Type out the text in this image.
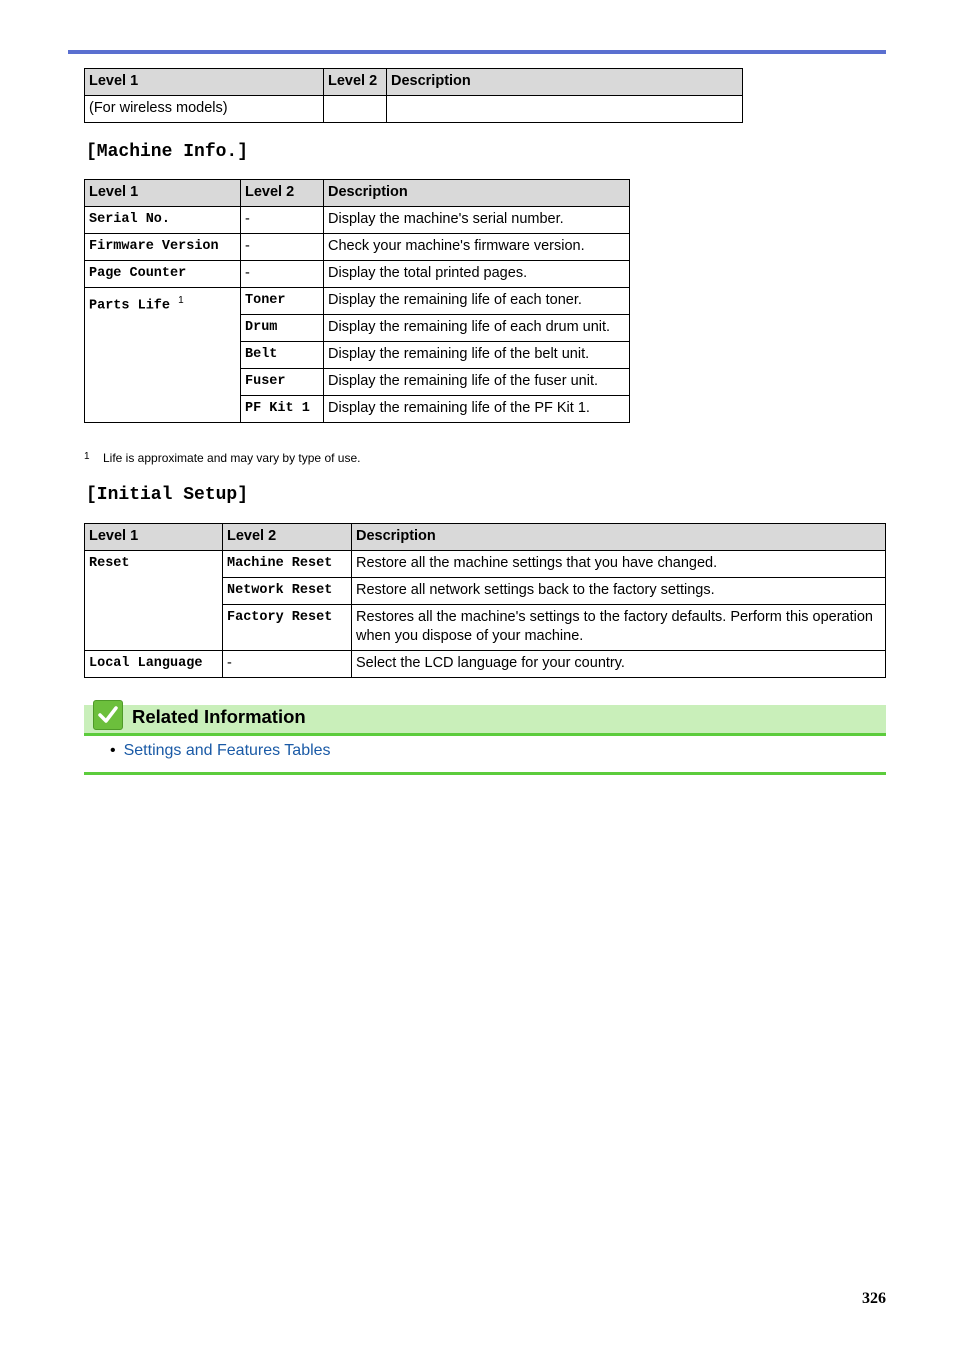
Level 1	Level 2	Description
(For wireless models)		
[Machine Info.]
Level 1	Level 2	Description
Serial No.	-	Display the machine's serial number.
Firmware Version	-	Check your machine's firmware version.
Page Counter	-	Display the total printed pages.
Parts Life $^1$	Toner	Display the remaining life of each toner.
	Drum	Display the remaining life of each drum unit.
	Belt	Display the remaining life of the belt unit.
	Fuser	Display the remaining life of the fuser unit.
	PF Kit 1	Display the remaining life of the PF Kit 1.
1 Life is approximate and may vary by type of use.
[Initial Setup]
Level 1	Level 2	Description
Reset	Machine Reset	Restore all the machine settings that you have changed.
	Network Reset	Restore all network settings back to the factory settings.
	Factory Reset	Restores all the machine's settings to the factory defaults. Perform this operation when you dispose of your machine.
Local Language	-	Select the LCD language for your country.
Related Information
• Settings and Features Tables
326
